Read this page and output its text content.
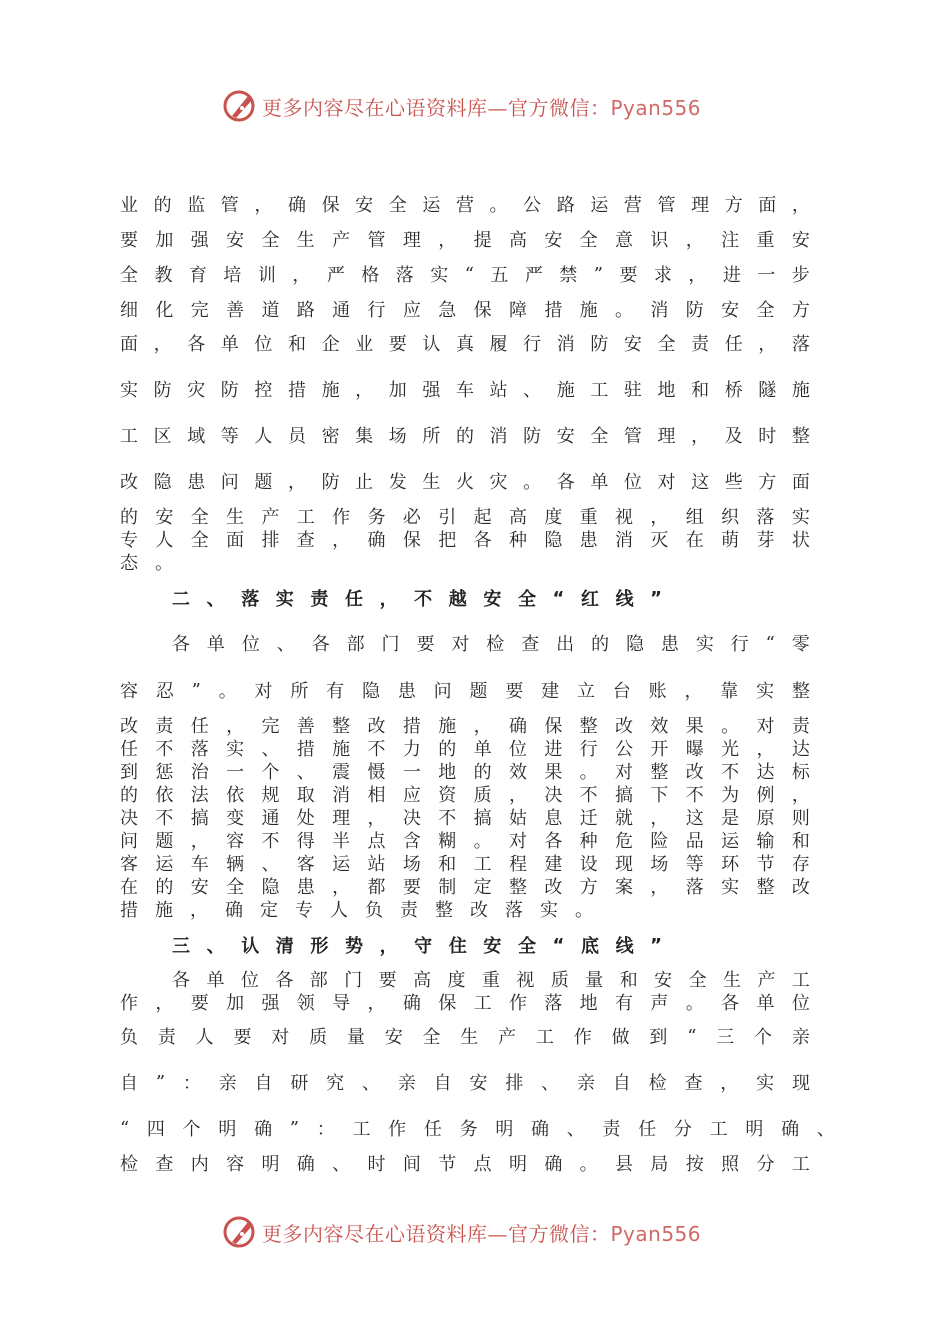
更多内容尽在心语资料库—官方微信：Pyan556
业 的 监 管 ， 确 保 安 全 运 营 。 公 路 运 营 管 理 方 面 ，
要 加 强 安 全 生 产 管 理 ， 提 高 安 全 意 识 ， 注 重 安
全 教 育 培 训 ， 严 格 落 实 “ 五 严 禁 ” 要 求 ， 进 一 步
细 化 完 善 道 路 通 行 应 急 保 障 措 施 。 消 防 安 全 方
面 ， 各 单 位 和 企 业 要 认 真 履 行 消 防 安 全 责 任 ， 落
实 防 灾 防 控 措 施 ， 加 强 车 站 、 施 工 驻 地 和 桥 隧 施
工 区 域 等 人 员 密 集 场 所 的 消 防 安 全 管 理 ， 及 时 整
改 隐 患 问 题 ， 防 止 发 生 火 灾 。 各 单 位 对 这 些 方 面
的 安 全 生 产 工 作 务 必 引 起 高 度 重 视 ， 组 织 落 实
专 人 全 面 排 查 ， 确 保 把 各 种 隐 患 消 灭 在 萌 芽 状
态 。
二 、 落 实 责 任 ， 不 越 安 全 “ 红 线 ”
各 单 位 、 各 部 门 要 对 检 查 出 的 隐 患 实 行 “ 零
容 忍 ” 。 对 所 有 隐 患 问 题 要 建 立 台 账 ， 靠 实 整
改 责 任 ， 完 善 整 改 措 施 ， 确 保 整 改 效 果 。 对 责
任 不 落 实 、 措 施 不 力 的 单 位 进 行 公 开 曝 光 ， 达
到 惩 治 一 个 、 震 慑 一 地 的 效 果 。 对 整 改 不 达 标
的 依 法 依 规 取 消 相 应 资 质 ， 决 不 搞 下 不 为 例 ，
决 不 搞 变 通 处 理 ， 决 不 搞 姑 息 迁 就 ， 这 是 原 则
问 题 ， 容 不 得 半 点 含 糊 。 对 各 种 危 险 品 运 输 和
客 运 车 辆 、 客 运 站 场 和 工 程 建 设 现 场 等 环 节 存
在 的 安 全 隐 患 ， 都 要 制 定 整 改 方 案 ， 落 实 整 改
措 施 ， 确 定 专 人 负 责 整 改 落 实 。
三 、 认 清 形 势 ， 守 住 安 全 “ 底 线 ”
各 单 位 各 部 门 要 高 度 重 视 质 量 和 安 全 生 产 工
作 ， 要 加 强 领 导 ， 确 保 工 作 落 地 有 声 。 各 单 位
负 责 人 要 对 质 量 安 全 生 产 工 作 做 到 “ 三 个 亲
自 ” ： 亲 自 研 究 、 亲 自 安 排 、 亲 自 检 查 ， 实 现
“ 四 个 明 确 ” ： 工 作 任 务 明 确 、 责 任 分 工 明 确 、
检 查 内 容 明 确 、 时 间 节 点 明 确 。 县 局 按 照 分 工
更多内容尽在心语资料库—官方微信：Pyan556
